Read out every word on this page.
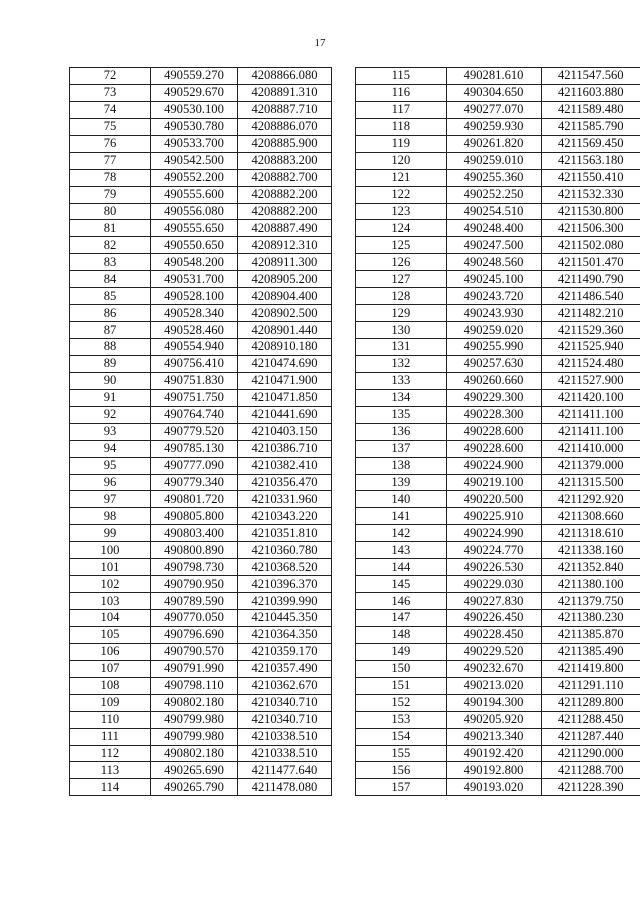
17
72	490559.270	4208866.080
73	490529.670	4208891.310
74	490530.100	4208887.710
75	490530.780	4208886.070
76	490533.700	4208885.900
77	490542.500	4208883.200
78	490552.200	4208882.700
79	490555.600	4208882.200
80	490556.080	4208882.200
81	490555.650	4208887.490
82	490550.650	4208912.310
83	490548.200	4208911.300
84	490531.700	4208905.200
85	490528.100	4208904.400
86	490528.340	4208902.500
87	490528.460	4208901.440
88	490554.940	4208910.180
89	490756.410	4210474.690
90	490751.830	4210471.900
91	490751.750	4210471.850
92	490764.740	4210441.690
93	490779.520	4210403.150
94	490785.130	4210386.710
95	490777.090	4210382.410
96	490779.340	4210356.470
97	490801.720	4210331.960
98	490805.800	4210343.220
99	490803.400	4210351.810
100	490800.890	4210360.780
101	490798.730	4210368.520
102	490790.950	4210396.370
103	490789.590	4210399.990
104	490770.050	4210445.350
105	490796.690	4210364.350
106	490790.570	4210359.170
107	490791.990	4210357.490
108	490798.110	4210362.670
109	490802.180	4210340.710
110	490799.980	4210340.710
111	490799.980	4210338.510
112	490802.180	4210338.510
113	490265.690	4211477.640
114	490265.790	4211478.080
115	490281.610	4211547.560
116	490304.650	4211603.880
117	490277.070	4211589.480
118	490259.930	4211585.790
119	490261.820	4211569.450
120	490259.010	4211563.180
121	490255.360	4211550.410
122	490252.250	4211532.330
123	490254.510	4211530.800
124	490248.400	4211506.300
125	490247.500	4211502.080
126	490248.560	4211501.470
127	490245.100	4211490.790
128	490243.720	4211486.540
129	490243.930	4211482.210
130	490259.020	4211529.360
131	490255.990	4211525.940
132	490257.630	4211524.480
133	490260.660	4211527.900
134	490229.300	4211420.100
135	490228.300	4211411.100
136	490228.600	4211411.100
137	490228.600	4211410.000
138	490224.900	4211379.000
139	490219.100	4211315.500
140	490220.500	4211292.920
141	490225.910	4211308.660
142	490224.990	4211318.610
143	490224.770	4211338.160
144	490226.530	4211352.840
145	490229.030	4211380.100
146	490227.830	4211379.750
147	490226.450	4211380.230
148	490228.450	4211385.870
149	490229.520	4211385.490
150	490232.670	4211419.800
151	490213.020	4211291.110
152	490194.300	4211289.800
153	490205.920	4211288.450
154	490213.340	4211287.440
155	490192.420	4211290.000
156	490192.800	4211288.700
157	490193.020	4211228.390
